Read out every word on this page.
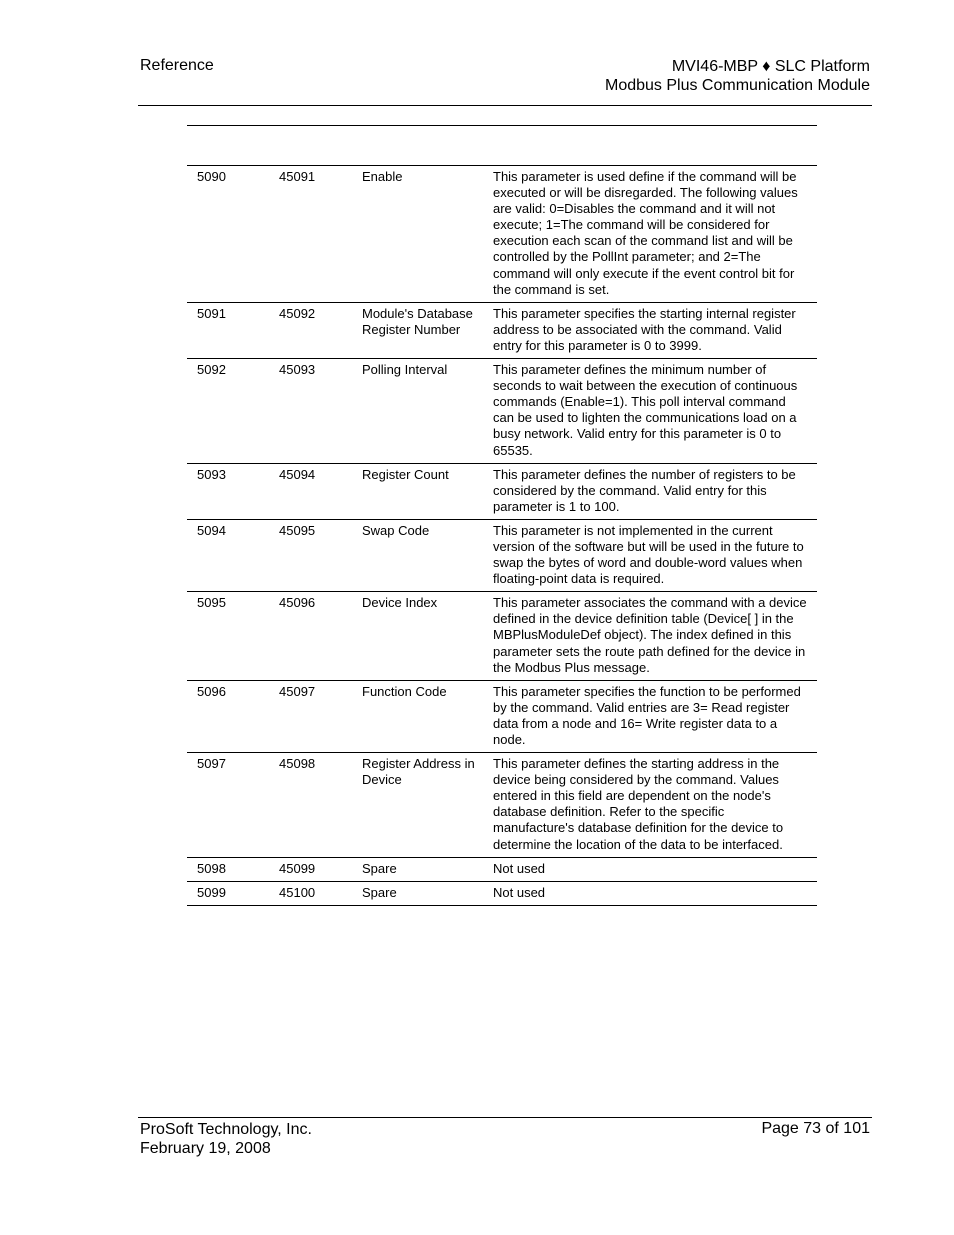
Reference	MVI46-MBP ♦ SLC Platform
Modbus Plus Communication Module
5090	45091	Enable	This parameter is used define if the command will be executed or will be disregarded. The following values are valid: 0=Disables the command and it will not execute; 1=The command will be considered for execution each scan of the command list and will be controlled by the PollInt parameter; and 2=The command will only execute if the event control bit for the command is set.
5091	45092	Module's Database Register Number	This parameter specifies the starting internal register address to be associated with the command. Valid entry for this parameter is 0 to 3999.
5092	45093	Polling Interval	This parameter defines the minimum number of seconds to wait between the execution of continuous commands (Enable=1). This poll interval command can be used to lighten the communications load on a busy network. Valid entry for this parameter is 0 to 65535.
5093	45094	Register Count	This parameter defines the number of registers to be considered by the command. Valid entry for this parameter is 1 to 100.
5094	45095	Swap Code	This parameter is not implemented in the current version of the software but will be used in the future to swap the bytes of word and double-word values when floating-point data is required.
5095	45096	Device Index	This parameter associates the command with a device defined in the device definition table (Device[ ] in the MBPlusModuleDef object). The index defined in this parameter sets the route path defined for the device in the Modbus Plus message.
5096	45097	Function Code	This parameter specifies the function to be performed by the command. Valid entries are 3= Read register data from a node and 16= Write register data to a node.
5097	45098	Register Address in Device	This parameter defines the starting address in the device being considered by the command. Values entered in this field are dependent on the node's database definition. Refer to the specific manufacture's database definition for the device to determine the location of the data to be interfaced.
5098	45099	Spare	Not used
5099	45100	Spare	Not used
ProSoft Technology, Inc.
February 19, 2008
Page 73 of 101
